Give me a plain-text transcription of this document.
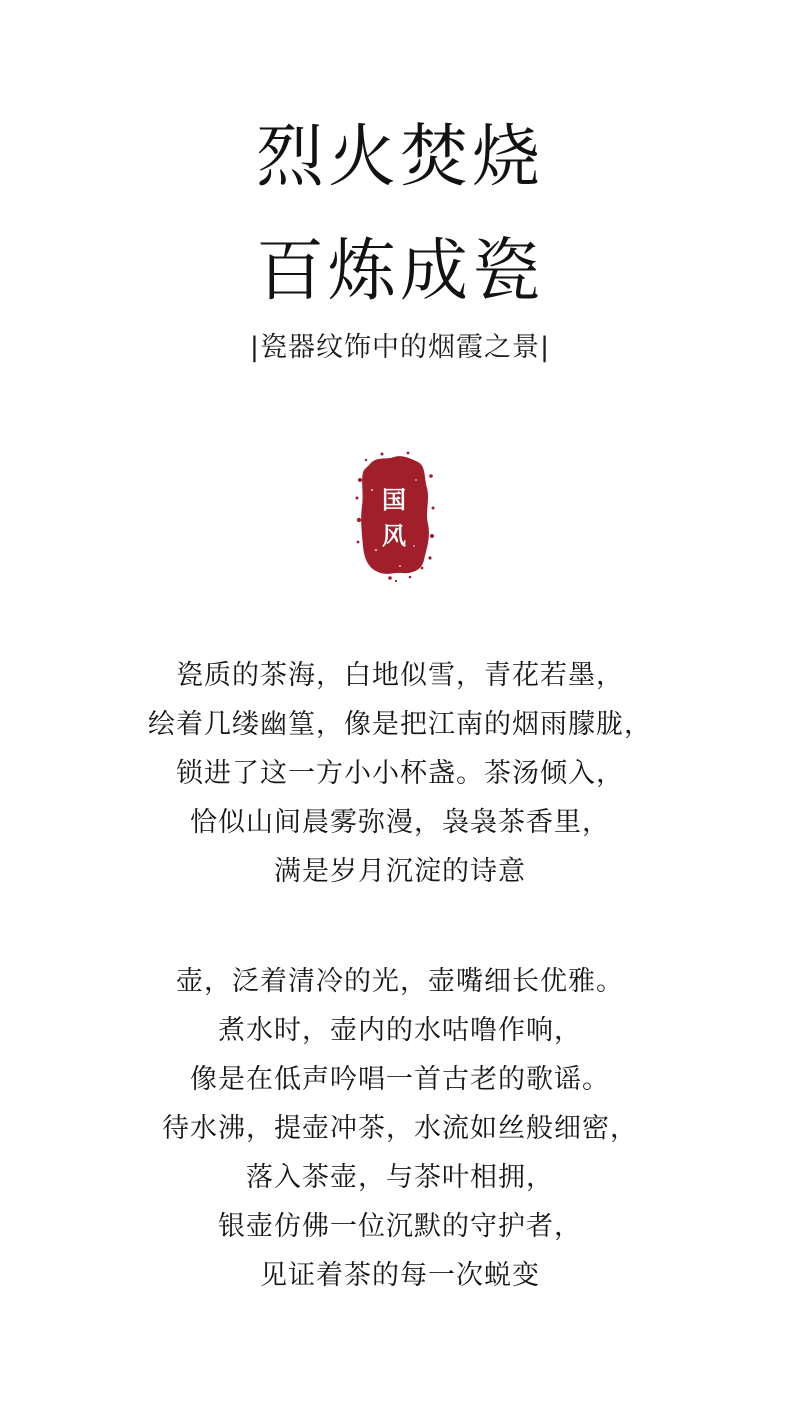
烈火焚烧
百炼成瓷
|瓷器纹饰中的烟霞之景|
国
风
瓷质的茶海，白地似雪，青花若墨，
绘着几缕幽篁，像是把江南的烟雨朦胧，
锁进了这一方小小杯盏。茶汤倾入，
恰似山间晨雾弥漫，袅袅茶香里，
满是岁月沉淀的诗意
壶，泛着清冷的光，壶嘴细长优雅。
煮水时，壶内的水咕噜作响，
像是在低声吟唱一首古老的歌谣。
待水沸，提壶冲茶，水流如丝般细密，
落入茶壶，与茶叶相拥，
银壶仿佛一位沉默的守护者，
见证着茶的每一次蜕变
